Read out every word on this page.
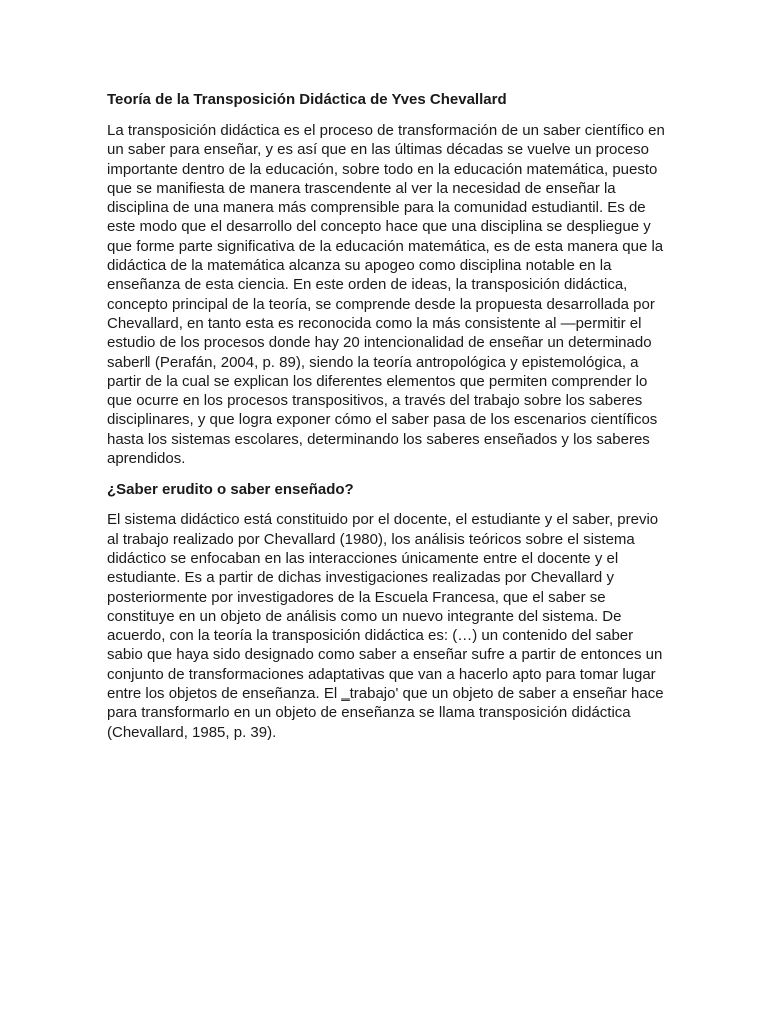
Teoría de la Transposición Didáctica de Yves Chevallard

La transposición didáctica es el proceso de transformación de un saber científico en un saber para enseñar, y es así que en las últimas décadas se vuelve un proceso importante dentro de la educación, sobre todo en la educación matemática, puesto que se manifiesta de manera trascendente al ver la necesidad de enseñar la disciplina de una manera más comprensible para la comunidad estudiantil. Es de este modo que el desarrollo del concepto hace que una disciplina se despliegue y que forme parte significativa de la educación matemática, es de esta manera que la didáctica de la matemática alcanza su apogeo como disciplina notable en la enseñanza de esta ciencia. En este orden de ideas, la transposición didáctica, concepto principal de la teoría, se comprende desde la propuesta desarrollada por Chevallard, en tanto esta es reconocida como la más consistente al ―permitir el estudio de los procesos donde hay 20 intencionalidad de enseñar un determinado saber‖ (Perafán, 2004, p. 89), siendo la teoría antropológica y epistemológica, a partir de la cual se explican los diferentes elementos que permiten comprender lo que ocurre en los procesos transpositivos, a través del trabajo sobre los saberes disciplinares, y que logra exponer cómo el saber pasa de los escenarios científicos hasta los sistemas escolares, determinando los saberes enseñados y los saberes aprendidos.

¿Saber erudito o saber enseñado?

El sistema didáctico está constituido por el docente, el estudiante y el saber, previo al trabajo realizado por Chevallard (1980), los análisis teóricos sobre el sistema didáctico se enfocaban en las interacciones únicamente entre el docente y el estudiante. Es a partir de dichas investigaciones realizadas por Chevallard y posteriormente por investigadores de la Escuela Francesa, que el saber se constituye en un objeto de análisis como un nuevo integrante del sistema. De acuerdo, con la teoría la transposición didáctica es: (…) un contenido del saber sabio que haya sido designado como saber a enseñar sufre a partir de entonces un conjunto de transformaciones adaptativas que van a hacerlo apto para tomar lugar entre los objetos de enseñanza. El ‗trabajo' que un objeto de saber a enseñar hace para transformarlo en un objeto de enseñanza se llama transposición didáctica (Chevallard, 1985, p. 39).
